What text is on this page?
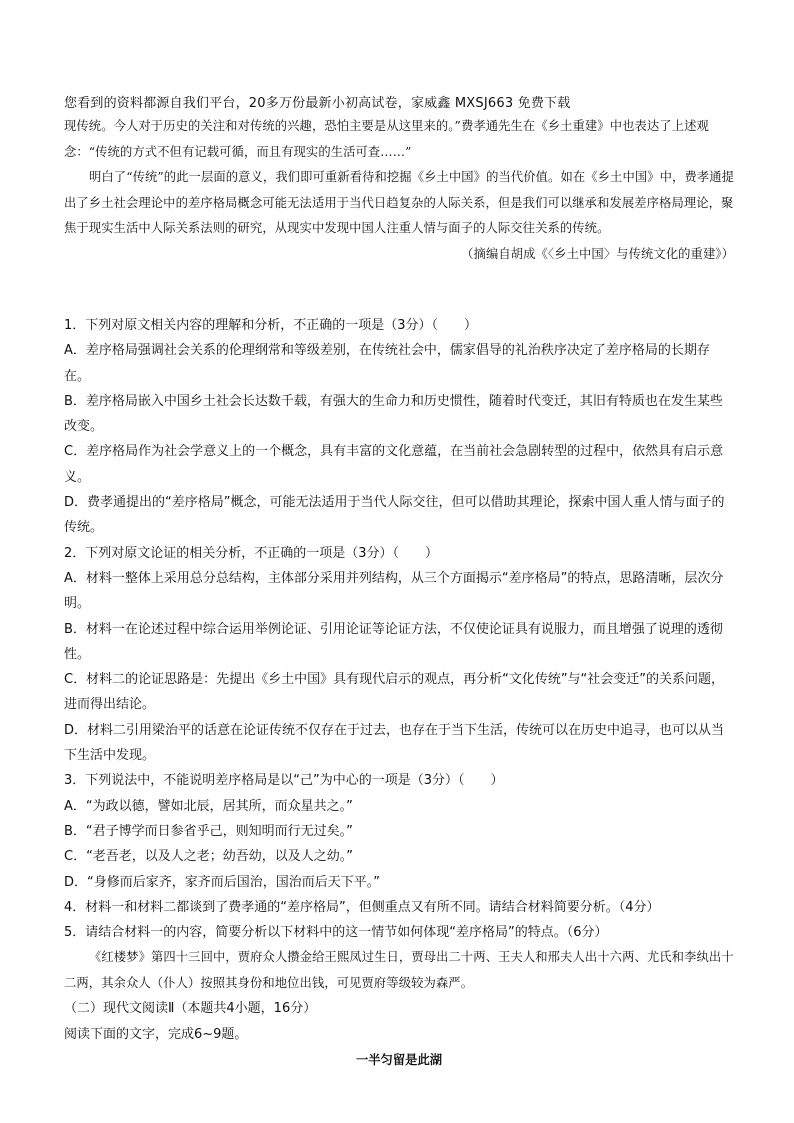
您看到的资料都源自我们平台，20多万份最新小初高试卷，家威鑫 MXSJ663 免费下载

现传统。今人对于历史的关注和对传统的兴趣，恐怕主要是从这里来的。”费孝通先生在《乡土重建》中也表达了上述观念：“传统的方式不但有记载可循，而且有现实的生活可查……”

明白了“传统”的此一层面的意义，我们即可重新看待和挖掘《乡土中国》的当代价值。如在《乡土中国》中，费孝通提出了乡土社会理论中的差序格局概念可能无法适用于当代日趋复杂的人际关系，但是我们可以继承和发展差序格局理论，聚焦于现实生活中人际关系法则的研究，从现实中发现中国人注重人情与面子的人际交往关系的传统。

（摘编自胡成《〈乡土中国〉与传统文化的重建》）

1．下列对原文相关内容的理解和分析，不正确的一项是（3分）（　　）

A．差序格局强调社会关系的伦理纲常和等级差别，在传统社会中，儒家倡导的礼治秩序决定了差序格局的长期存在。

B．差序格局嵌入中国乡土社会长达数千载，有强大的生命力和历史惯性，随着时代变迁，其旧有特质也在发生某些改变。

C．差序格局作为社会学意义上的一个概念，具有丰富的文化意蕴，在当前社会急剧转型的过程中，依然具有启示意义。

D．费孝通提出的“差序格局”概念，可能无法适用于当代人际交往，但可以借助其理论，探索中国人重人情与面子的传统。

2．下列对原文论证的相关分析，不正确的一项是（3分）（　　）

A．材料一整体上采用总分总结构，主体部分采用并列结构，从三个方面揭示“差序格局”的特点，思路清晰，层次分明。

B．材料一在论述过程中综合运用举例论证、引用论证等论证方法，不仅使论证具有说服力，而且增强了说理的透彻性。

C．材料二的论证思路是：先提出《乡土中国》具有现代启示的观点，再分析“文化传统”与“社会变迁”的关系问题，进而得出结论。

D．材料二引用梁治平的话意在论证传统不仅存在于过去，也存在于当下生活，传统可以在历史中追寻，也可以从当下生活中发现。

3．下列说法中，不能说明差序格局是以“己”为中心的一项是（3分）（　　）

A．“为政以德，譬如北辰，居其所，而众星共之。”

B．“君子博学而日参省乎己，则知明而行无过矣。”

C．“老吾老，以及人之老；幼吾幼，以及人之幼。”

D．“身修而后家齐，家齐而后国治，国治而后天下平。”

4．材料一和材料二都谈到了费孝通的“差序格局”，但侧重点又有所不同。请结合材料简要分析。（4分）

5．请结合材料一的内容，简要分析以下材料中的这一情节如何体现“差序格局”的特点。（6分）

《红楼梦》第四十三回中，贾府众人攒金给王熙凤过生日，贾母出二十两、王夫人和邢夫人出十六两、尤氏和李纨出十二两，其余众人（仆人）按照其身份和地位出钱，可见贾府等级较为森严。

（二）现代文阅读Ⅱ（本题共4小题，16分）

阅读下面的文字，完成6~9题。

一半匀留是此湖
